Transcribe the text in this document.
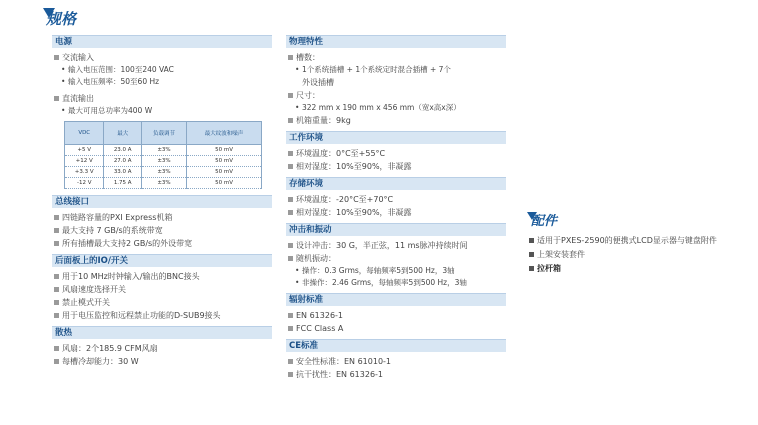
规格
电源
交流输入
• 输入电压范围：100至240 VAC
• 输入电压频率：50至60 Hz
直流输出
• 最大可用总功率为400 W
VDC	最大	负载调节	最大纹波和噪声
+5 V	23.0 A	±3%	50 mV
+12 V	27.0 A	±3%	50 mV
+3.3 V	33.0 A	±3%	50 mV
-12 V	1.75 A	±3%	50 mV
总线接口
四链路容量的PXI Express机箱
最大支持 7 GB/s的系统带宽
所有插槽最大支持2 GB/s的外设带宽
后面板上的IO/开关
用于10 MHz时钟输入/输出的BNC接头
风扇速度选择开关
禁止模式开关
用于电压监控和远程禁止功能的D-SUB9接头
散热
风扇：2个185.9 CFM风扇
每槽冷却能力：30 W
物理特性
槽数：
• 1个系统插槽 + 1个系统定时混合插槽 + 7个
外设插槽
尺寸：
• 322 mm x 190 mm x 456 mm（宽x高x深）
机箱重量：9kg
工作环境
环境温度：0°C至+55°C
相对湿度：10%至90%，非凝露
存储环境
环境温度：-20°C至+70°C
相对湿度：10%至90%，非凝露
冲击和振动
设计冲击：30 G，半正弦，11 ms脉冲持续时间
随机振动：
• 操作：0.3 Grms，每轴频率5到500 Hz，3轴
• 非操作：2.46 Grms，每轴频率5到500 Hz，3轴
辐射标准
EN 61326-1
FCC Class A
CE标准
安全性标准：EN 61010-1
抗干扰性：EN 61326-1
配件
适用于PXES-2590的便携式LCD显示器与键盘附件
上架安装套件
拉杆箱
